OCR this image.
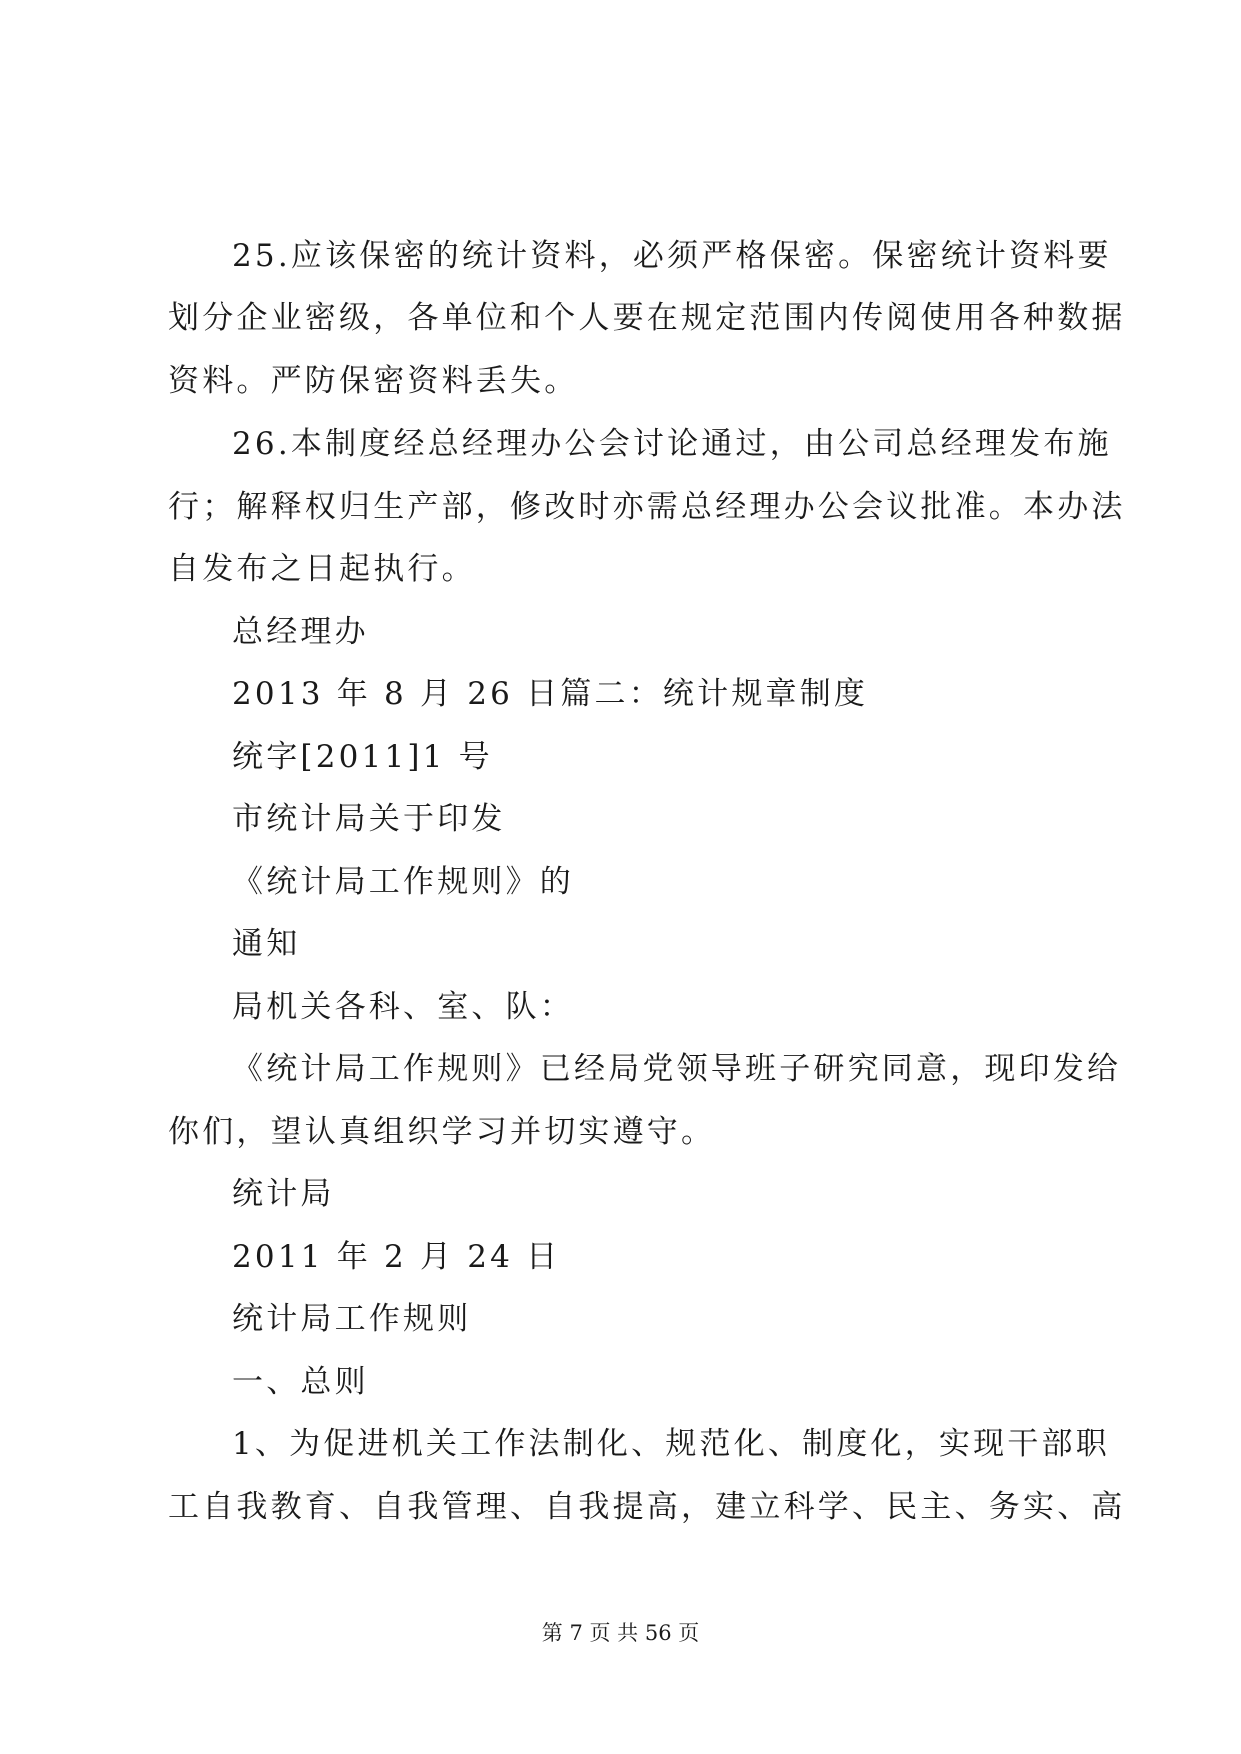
25.应该保密的统计资料，必须严格保密。保密统计资料要
划分企业密级，各单位和个人要在规定范围内传阅使用各种数据
资料。严防保密资料丢失。
26.本制度经总经理办公会讨论通过，由公司总经理发布施
行；解释权归生产部，修改时亦需总经理办公会议批准。本办法
自发布之日起执行。
总经理办
2013 年 8 月 26 日篇二：统计规章制度
统字[2011]1 号
市统计局关于印发
《统计局工作规则》的
通知
局机关各科、室、队：
《统计局工作规则》已经局党领导班子研究同意，现印发给
你们，望认真组织学习并切实遵守。
统计局
2011 年 2 月 24 日
统计局工作规则
一、总则
1、为促进机关工作法制化、规范化、制度化，实现干部职
工自我教育、自我管理、自我提高，建立科学、民主、务实、高
第 7 页 共 56 页
